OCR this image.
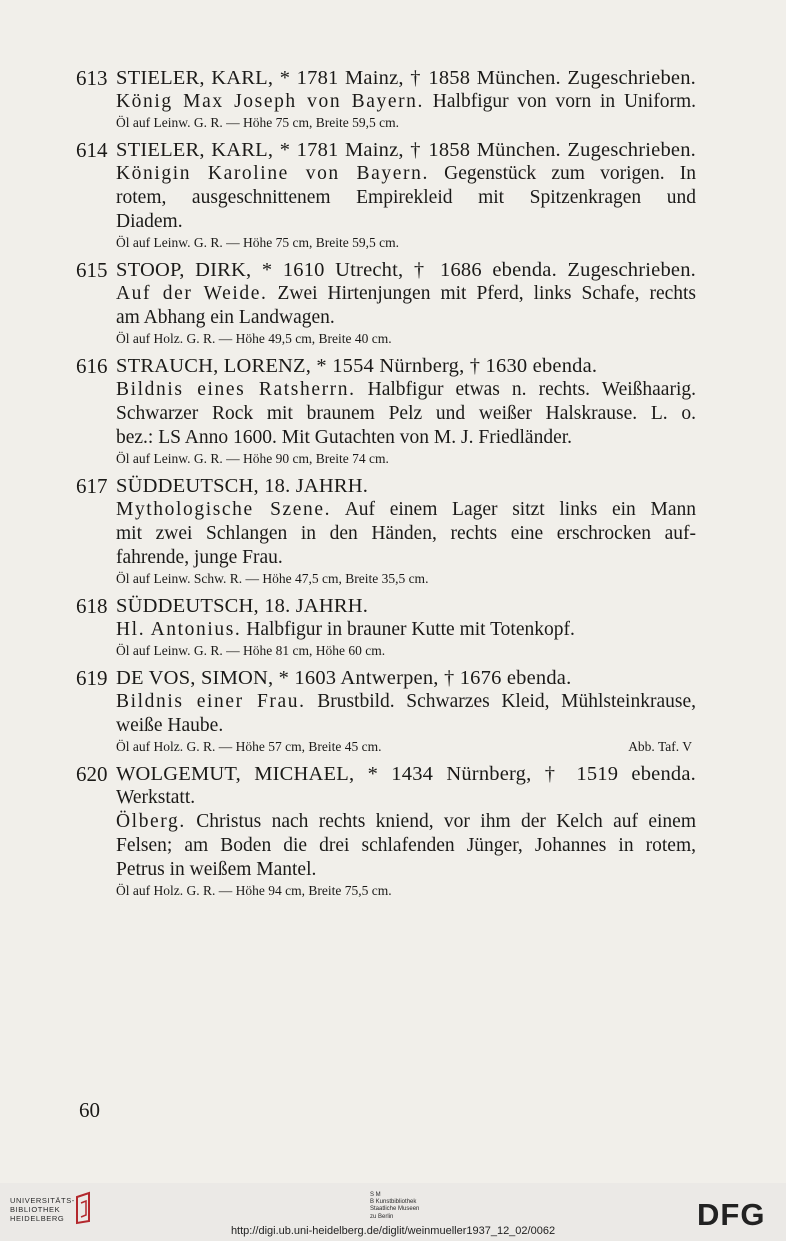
613 STIELER, KARL, * 1781 Mainz, † 1858 München. Zugeschrieben.
König Max Joseph von Bayern. Halbfigur von vorn in Uniform.
Öl auf Leinw. G. R. — Höhe 75 cm, Breite 59,5 cm.
614 STIELER, KARL, * 1781 Mainz, † 1858 München. Zugeschrieben.
Königin Karoline von Bayern. Gegenstück zum vorigen. In
rotem, ausgeschnittenem Empirekleid mit Spitzenkragen und
Diadem.
Öl auf Leinw. G. R. — Höhe 75 cm, Breite 59,5 cm.
615 STOOP, DIRK, * 1610 Utrecht, † 1686 ebenda. Zugeschrieben.
Auf der Weide. Zwei Hirtenjungen mit Pferd, links Schafe, rechts
am Abhang ein Landwagen.
Öl auf Holz. G. R. — Höhe 49,5 cm, Breite 40 cm.
616 STRAUCH, LORENZ, * 1554 Nürnberg, † 1630 ebenda.
Bildnis eines Ratsherrn. Halbfigur etwas n. rechts. Weißhaarig.
Schwarzer Rock mit braunem Pelz und weißer Halskrause. L. o.
bez.: LS Anno 1600. Mit Gutachten von M. J. Friedländer.
Öl auf Leinw. G. R. — Höhe 90 cm, Breite 74 cm.
617 SÜDDEUTSCH, 18. JAHRH.
Mythologische Szene. Auf einem Lager sitzt links ein Mann
mit zwei Schlangen in den Händen, rechts eine erschrocken auf-
fahrende, junge Frau.
Öl auf Leinw. Schw. R. — Höhe 47,5 cm, Breite 35,5 cm.
618 SÜDDEUTSCH, 18. JAHRH.
Hl. Antonius. Halbfigur in brauner Kutte mit Totenkopf.
Öl auf Leinw. G. R. — Höhe 81 cm, Höhe 60 cm.
619 DE VOS, SIMON, * 1603 Antwerpen, † 1676 ebenda.
Bildnis einer Frau. Brustbild. Schwarzes Kleid, Mühlsteinkrause,
weiße Haube.
Öl auf Holz. G. R. — Höhe 57 cm, Breite 45 cm.	Abb. Taf. V
620 WOLGEMUT, MICHAEL, * 1434 Nürnberg, † 1519 ebenda.
Werkstatt.
Ölberg. Christus nach rechts kniend, vor ihm der Kelch auf einem
Felsen; am Boden die drei schlafenden Jünger, Johannes in rotem,
Petrus in weißem Mantel.
Öl auf Holz. G. R. — Höhe 94 cm, Breite 75,5 cm.
60
UNIVERSITÄTS-
BIBLIOTHEK
HEIDELBERG
S M
B Kunstbibliothek
Staatliche Museen
zu Berlin	DFG
http://digi.ub.uni-heidelberg.de/diglit/weinmueller1937_12_02/0062
